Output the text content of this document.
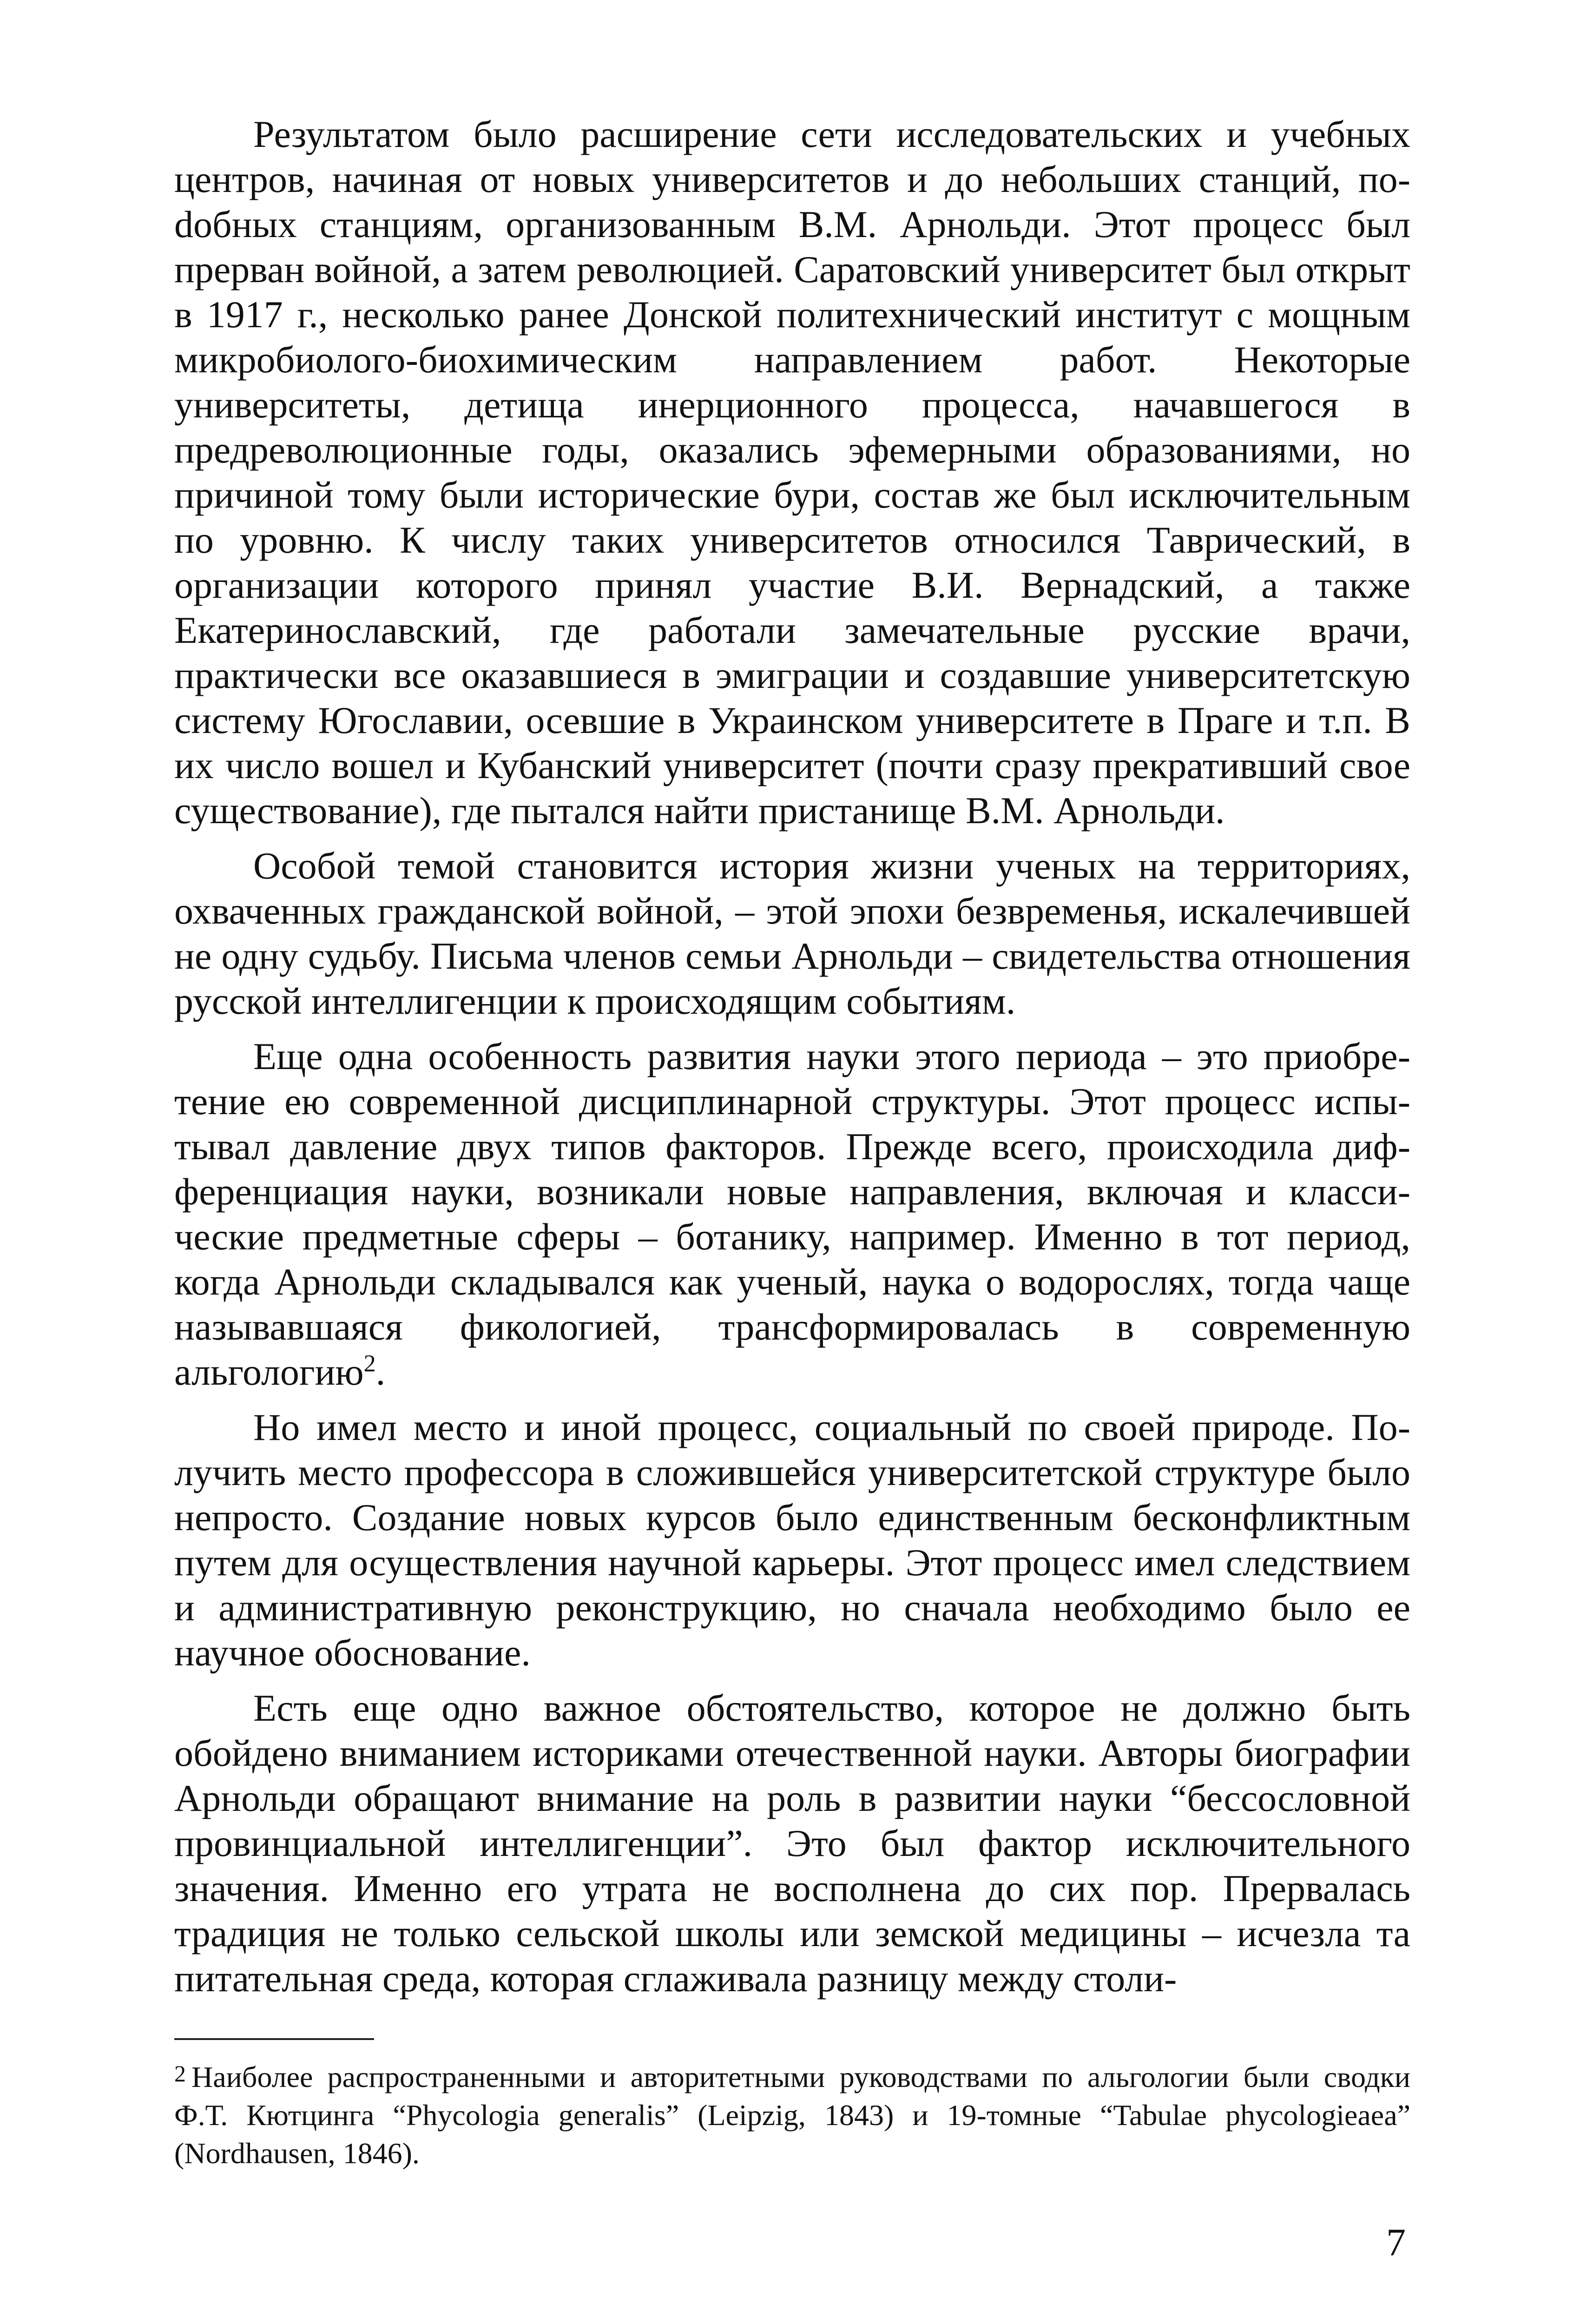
Результатом было расширение сети исследовательских и учебных центров, начиная от новых университетов и до небольших станций, поdобных станциям, организованным В.М. Арнольди. Этот процесс был прерван войной, а затем революцией. Саратовский университет был открыт в 1917 г., несколько ранее Донской политехнический институт с мощным микробиолого-биохимическим направлением работ. Некоторые университеты, детища инерционного процесса, начавшегося в предреволюционные годы, оказались эфемерными образованиями, но причиной тому были исторические бури, состав же был исключительным по уровню. К числу таких университетов относился Таврический, в организации которого принял участие В.И. Вернадский, а также Екатеринославский, где работали замечательные русские врачи, практически все оказавшиеся в эмиграции и создавшие университетскую систему Югославии, осевшие в Украинском университете в Праге и т.п. В их число вошел и Кубанский университет (почти сразу прекративший свое существование), где пытался найти пристанище В.М. Арнольди.

Особой темой становится история жизни ученых на территориях, охваченных гражданской войной, – этой эпохи безвременья, искалечившей не одну судьбу. Письма членов семьи Арнольди – свидетельства отношения русской интеллигенции к происходящим событиям.

Еще одна особенность развития науки этого периода – это приобретение ею современной дисциплинарной структуры. Этот процесс испытывал давление двух типов факторов. Прежде всего, происходила дифференциация науки, возникали новые направления, включая и классические предметные сферы – ботанику, например. Именно в тот период, когда Арнольди складывался как ученый, наука о водорослях, тогда чаще называвшаяся фикологией, трансформировалась в современную альгологию$^2$.

Но имел место и иной процесс, социальный по своей природе. Получить место профессора в сложившейся университетской структуре было непросто. Создание новых курсов было единственным бесконфликтным путем для осуществления научной карьеры. Этот процесс имел следствием и административную реконструкцию, но сначала необходимо было ее научное обоснование.

Есть еще одно важное обстоятельство, которое не должно быть обойдено вниманием историками отечественной науки. Авторы биографии Арнольди обращают внимание на роль в развитии науки “бессословной провинциальной интеллигенции”. Это был фактор исключительного значения. Именно его утрата не восполнена до сих пор. Прервалась традиция не только сельской школы или земской медицины – исчезла та питательная среда, которая сглаживала разницу между столи-

2 Наиболее распространенными и авторитетными руководствами по альгологии были сводки Ф.Т. Кютцинга “Phycologia generalis” (Leipzig, 1843) и 19-томные “Tabulae phycologieaea” (Nordhausen, 1846).
7
